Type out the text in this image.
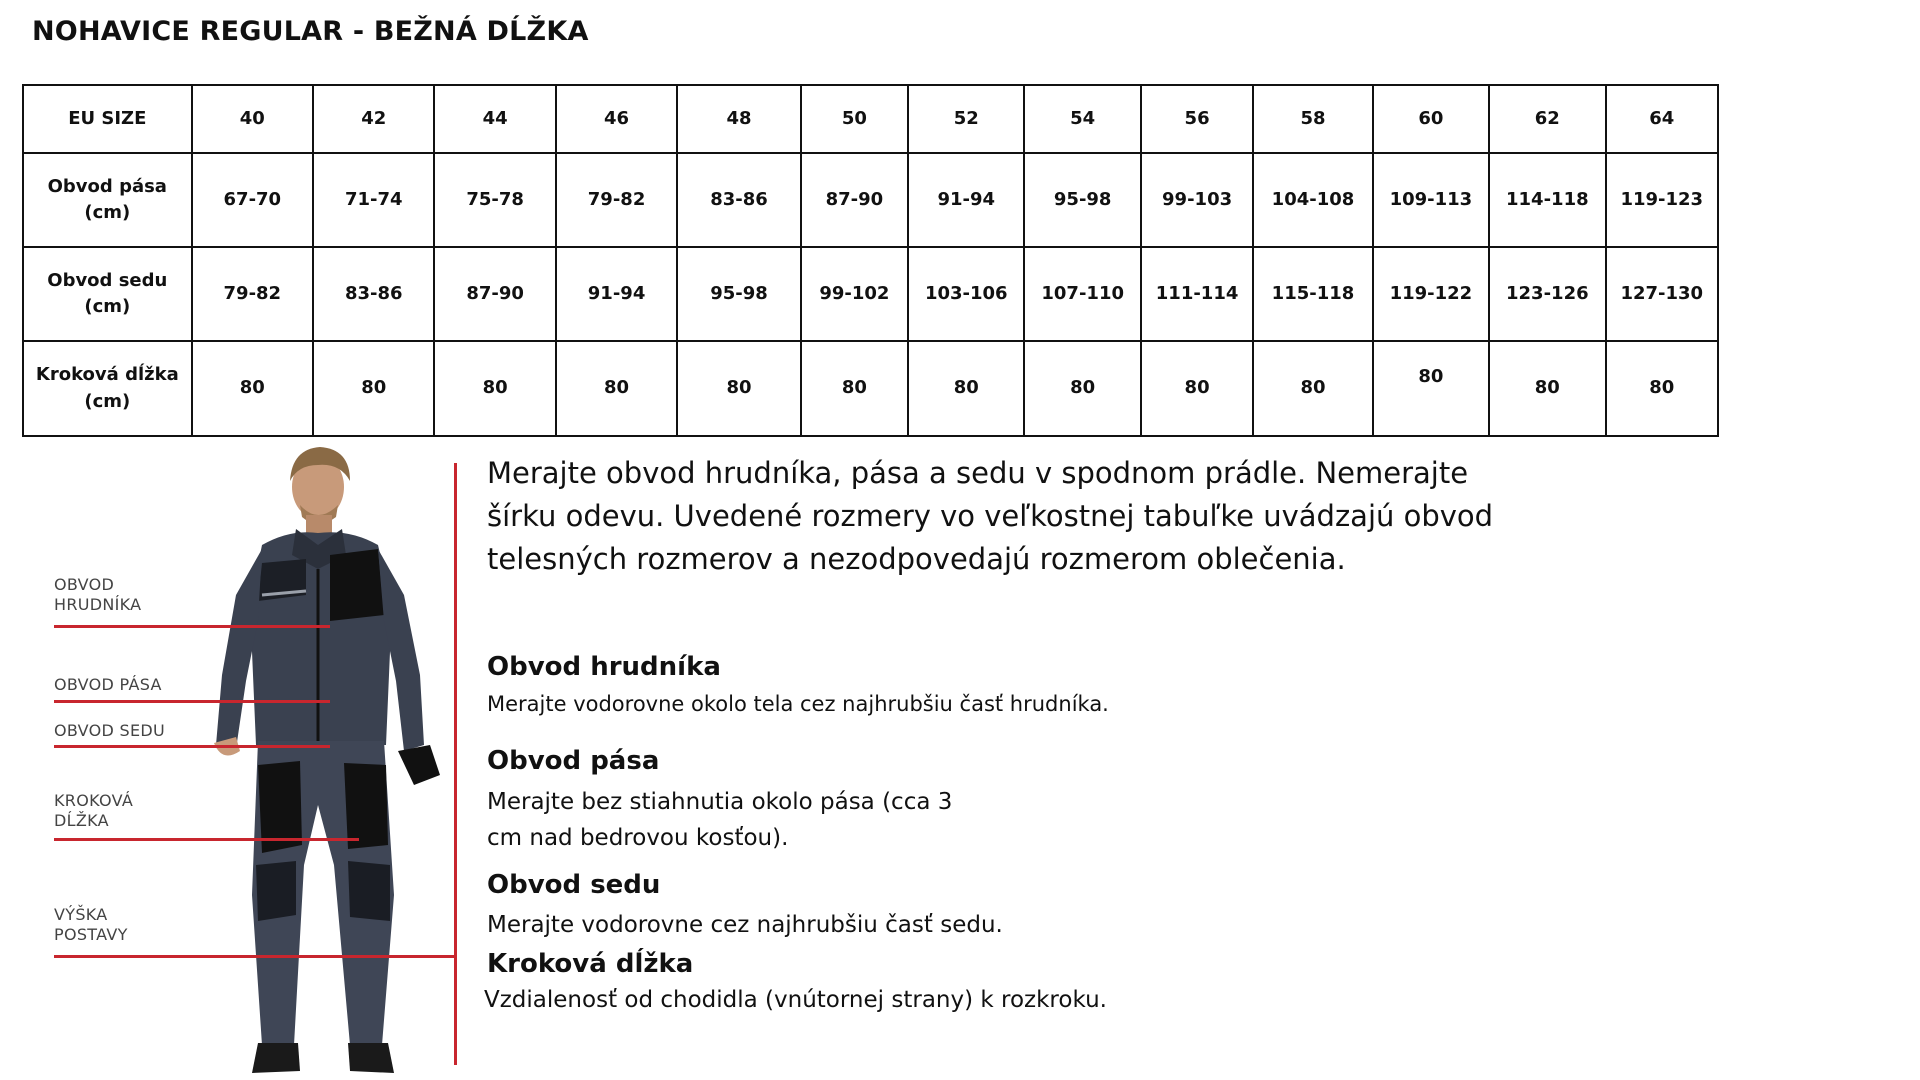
NOHAVICE REGULAR - BEŽNÁ DĹŽKA
EU SIZE	40	42	44	46	48	50	52	54	56	58	60	62	64
Obvod pása (cm)	67-70	71-74	75-78	79-82	83-86	87-90	91-94	95-98	99-103	104-108	109-113	114-118	119-123
Obvod sedu (cm)	79-82	83-86	87-90	91-94	95-98	99-102	103-106	107-110	111-114	115-118	119-122	123-126	127-130
Kroková dĺžka (cm)	80	80	80	80	80	80	80	80	80	80	80	80	80
OBVOD HRUDNÍKA
OBVOD PÁSA
OBVOD SEDU
KROKOVÁ DĹŽKA
VÝŠKA POSTAVY

Merajte obvod hrudníka, pása a sedu v spodnom prádle. Nemerajte šírku odevu. Uvedené rozmery vo veľkostnej tabuľke uvádzajú obvod telesných rozmerov a nezodpovedajú rozmerom oblečenia.

Obvod hrudníka

Merajte vodorovne okolo tela cez najhrubšiu časť hrudníka.

Obvod pása

Merajte bez stiahnutia okolo pása (cca 3 cm nad bedrovou kosťou).

Obvod sedu

Merajte vodorovne cez najhrubšiu časť sedu.

Kroková dĺžka

Vzdialenosť od chodidla (vnútornej strany) k rozkroku.
